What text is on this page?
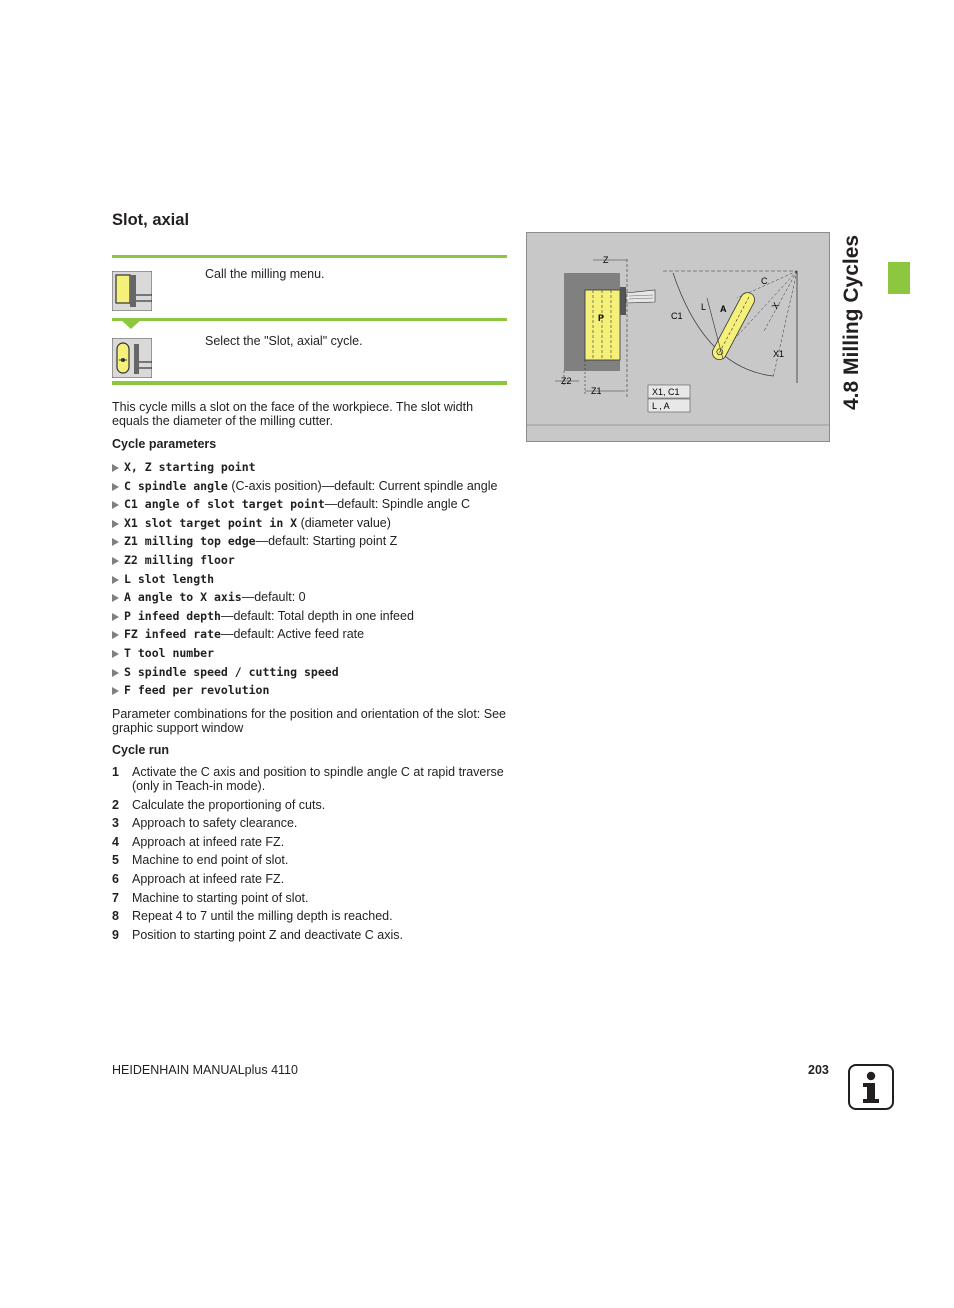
Slot, axial
Call the milling menu.
Select the "Slot, axial" cycle.
This cycle mills a slot on the face of the workpiece. The slot width equals the diameter of the milling cutter.
Cycle parameters
X, Z starting point
C spindle angle (C-axis position)—default: Current spindle angle
C1 angle of slot target point—default: Spindle angle C
X1 slot target point in X (diameter value)
Z1 milling top edge—default: Starting point Z
Z2 milling floor
L slot length
A angle to X axis—default: 0
P infeed depth—default: Total depth in one infeed
FZ infeed rate—default: Active feed rate
T tool number
S spindle speed / cutting speed
F feed per revolution
Parameter combinations for the position and orientation of the slot: See graphic support window
Cycle run
1 Activate the C axis and position to spindle angle C at rapid traverse (only in Teach-in mode).
2 Calculate the proportioning of cuts.
3 Approach to safety clearance.
4 Approach at infeed rate FZ.
5 Machine to end point of slot.
6 Approach at infeed rate FZ.
7 Machine to starting point of slot.
8 Repeat 4 to 7 until the milling depth is reached.
9 Position to starting point Z and deactivate C axis.
P
Z
Z2
Z1
L A
C
C1
X
X1
X1, C1
L , A	4.8 Milling Cycles
HEIDENHAIN MANUALplus 4110	203
